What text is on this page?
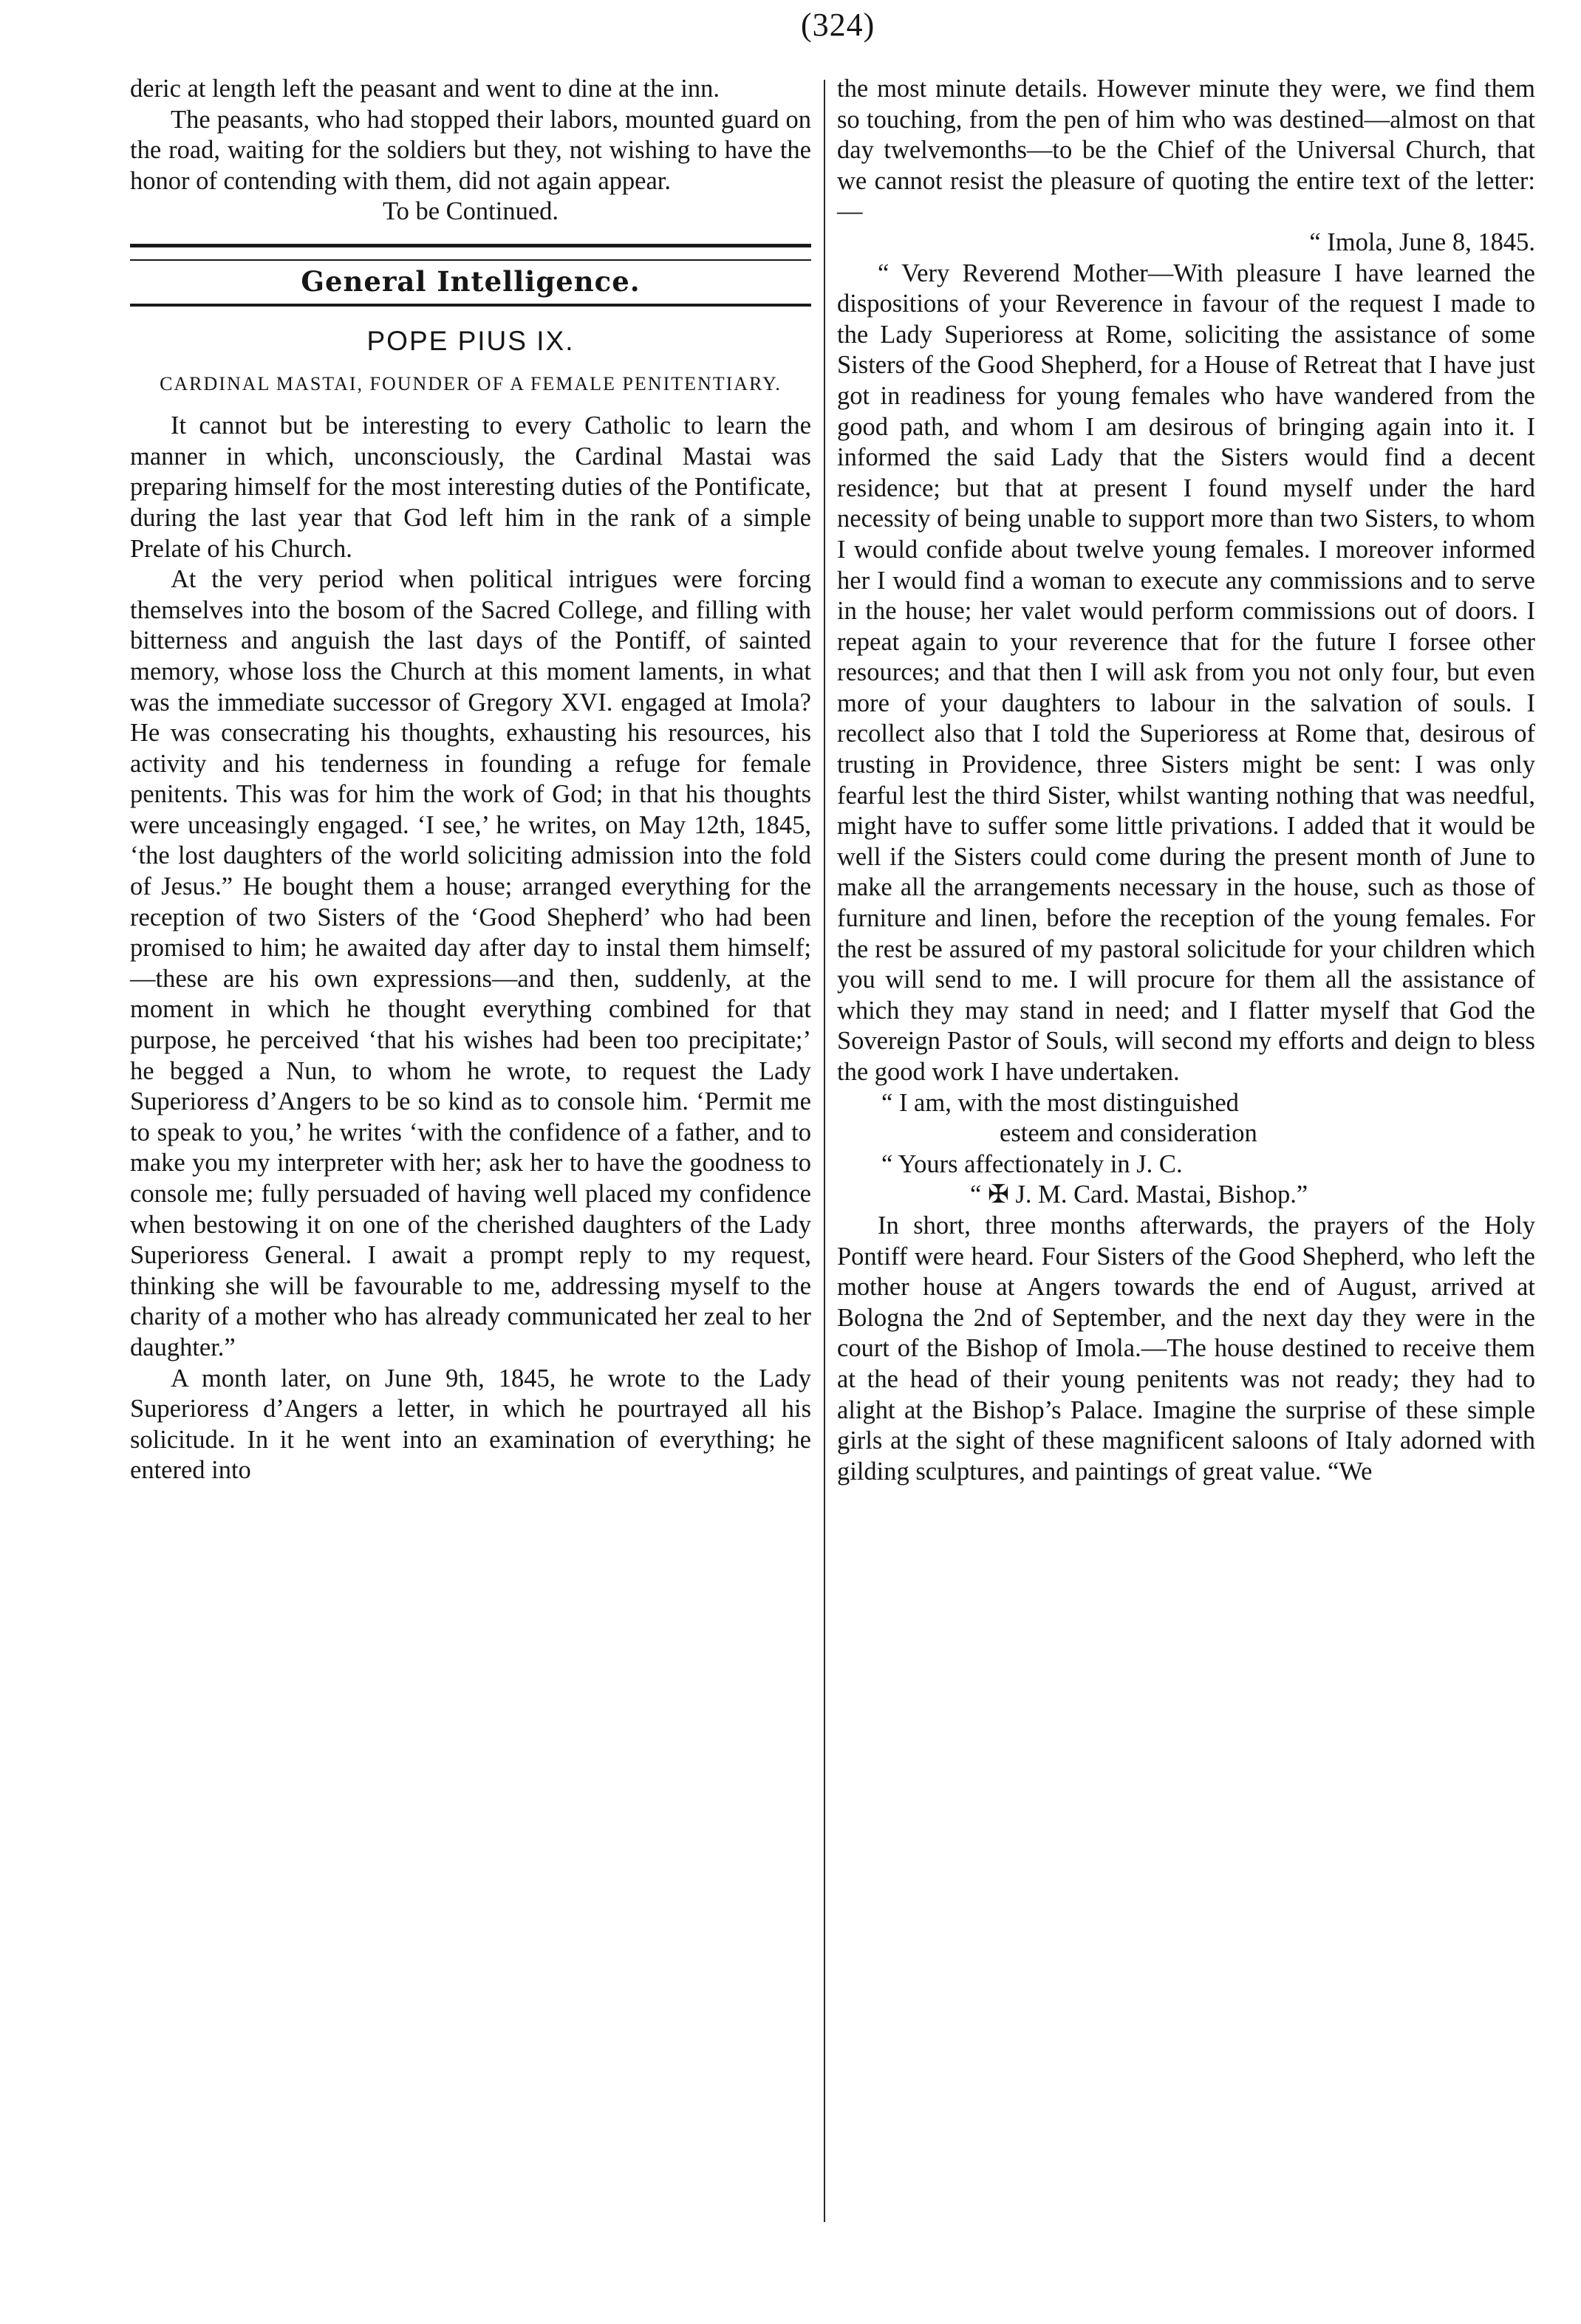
(324)

deric at length left the peasant and went to dine at the inn.

The peasants, who had stopped their labors, mounted guard on the road, waiting for the soldiers but they, not wishing to have the honor of contending with them, did not again appear.

To be Continued.

General Intelligence.
POPE PIUS IX.
CARDINAL MASTAI, FOUNDER OF A FEMALE PENITENTIARY.

It cannot but be interesting to every Catholic to learn the manner in which, unconsciously, the Cardinal Mastai was preparing himself for the most interesting duties of the Pontificate, during the last year that God left him in the rank of a simple Prelate of his Church.

At the very period when political intrigues were forcing themselves into the bosom of the Sacred College, and filling with bitterness and anguish the last days of the Pontiff, of sainted memory, whose loss the Church at this moment laments, in what was the immediate successor of Gregory XVI. engaged at Imola? He was consecrating his thoughts, exhausting his resources, his activity and his tenderness in founding a refuge for female penitents. This was for him the work of God; in that his thoughts were unceasingly engaged. ‘I see,’ he writes, on May 12th, 1845, ‘the lost daughters of the world soliciting admission into the fold of Jesus.” He bought them a house; arranged everything for the reception of two Sisters of the ‘Good Shepherd’ who had been promised to him; he awaited day after day to instal them himself;—these are his own expressions—and then, suddenly, at the moment in which he thought everything combined for that purpose, he perceived ‘that his wishes had been too precipitate;’ he begged a Nun, to whom he wrote, to request the Lady Superioress d’Angers to be so kind as to console him. ‘Permit me to speak to you,’ he writes ‘with the confidence of a father, and to make you my interpreter with her; ask her to have the goodness to console me; fully persuaded of having well placed my confidence when bestowing it on one of the cherished daughters of the Lady Superioress General. I await a prompt reply to my request, thinking she will be favourable to me, addressing myself to the charity of a mother who has already communicated her zeal to her daughter.”

A month later, on June 9th, 1845, he wrote to the Lady Superioress d’Angers a letter, in which he pourtrayed all his solicitude. In it he went into an examination of everything; he entered into

the most minute details. However minute they were, we find them so touching, from the pen of him who was destined—almost on that day twelvemonths—to be the Chief of the Universal Church, that we cannot resist the pleasure of quoting the entire text of the letter:—

“ Imola, June 8, 1845.

“ Very Reverend Mother—With pleasure I have learned the dispositions of your Reverence in favour of the request I made to the Lady Superioress at Rome, soliciting the assistance of some Sisters of the Good Shepherd, for a House of Retreat that I have just got in readiness for young females who have wandered from the good path, and whom I am desirous of bringing again into it. I informed the said Lady that the Sisters would find a decent residence; but that at present I found myself under the hard necessity of being unable to support more than two Sisters, to whom I would confide about twelve young females. I moreover informed her I would find a woman to execute any commissions and to serve in the house; her valet would perform commissions out of doors. I repeat again to your reverence that for the future I forsee other resources; and that then I will ask from you not only four, but even more of your daughters to labour in the salvation of souls. I recollect also that I told the Superioress at Rome that, desirous of trusting in Providence, three Sisters might be sent: I was only fearful lest the third Sister, whilst wanting nothing that was needful, might have to suffer some little privations. I added that it would be well if the Sisters could come during the present month of June to make all the arrangements necessary in the house, such as those of furniture and linen, before the reception of the young females. For the rest be assured of my pastoral solicitude for your children which you will send to me. I will procure for them all the assistance of which they may stand in need; and I flatter myself that God the Sovereign Pastor of Souls, will second my efforts and deign to bless the good work I have undertaken.

“ I am, with the most distinguished

esteem and consideration

“ Yours affectionately in J. C.

“ ✠ J. M. Card. Mastai, Bishop.”

In short, three months afterwards, the prayers of the Holy Pontiff were heard. Four Sisters of the Good Shepherd, who left the mother house at Angers towards the end of August, arrived at Bologna the 2nd of September, and the next day they were in the court of the Bishop of Imola.—The house destined to receive them at the head of their young penitents was not ready; they had to alight at the Bishop’s Palace. Imagine the surprise of these simple girls at the sight of these magnificent saloons of Italy adorned with gilding sculptures, and paintings of great value. “We
